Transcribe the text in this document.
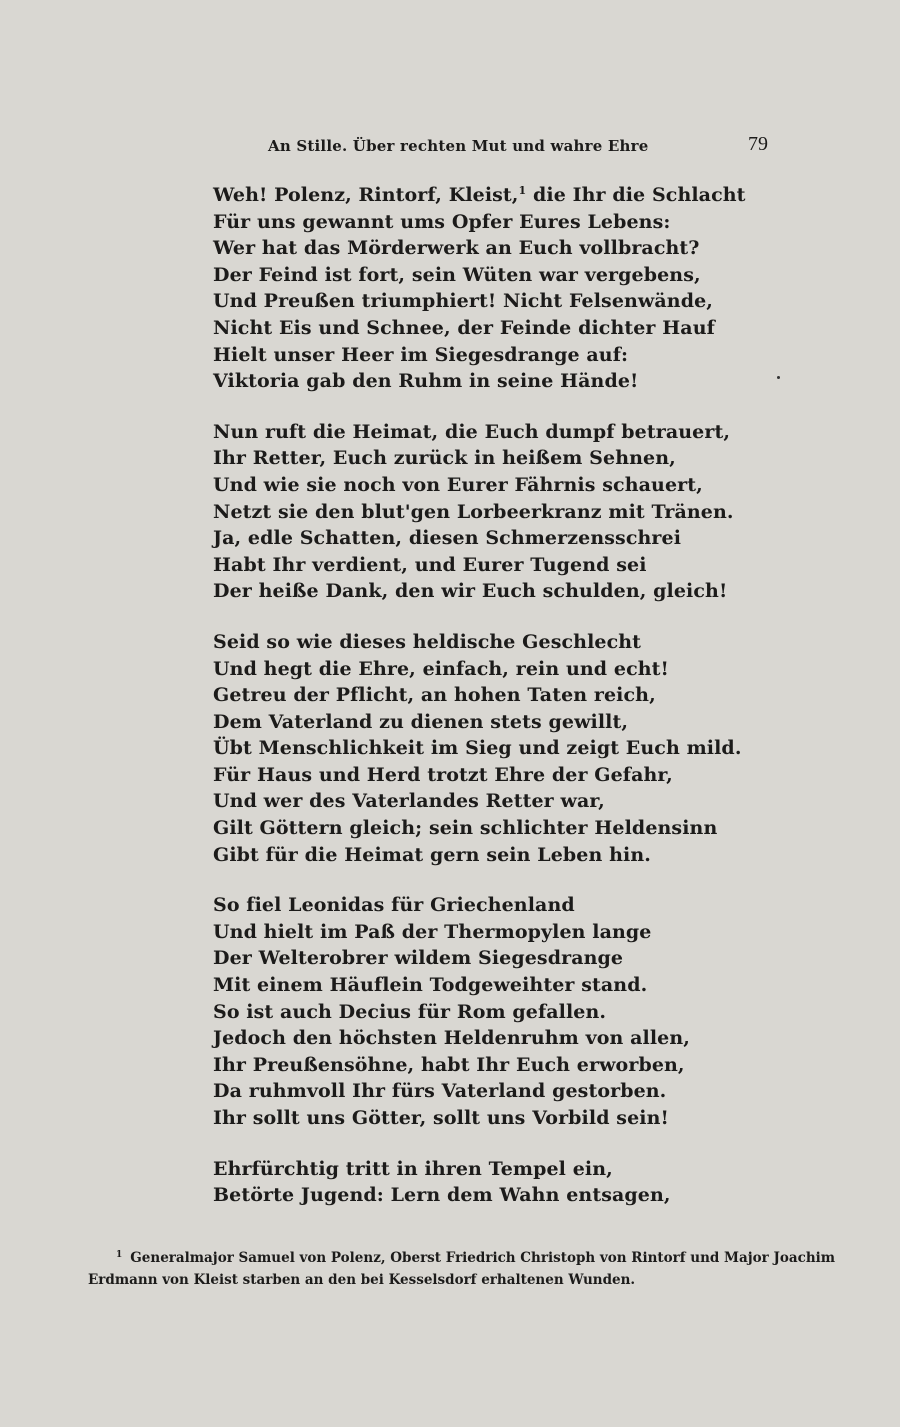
An Stille. Über rechten Mut und wahre Ehre	79
Weh! Polenz, Rintorf, Kleist,$^1$ die Ihr die Schlacht
Für uns gewannt ums Opfer Eures Lebens:
Wer hat das Mörderwerk an Euch vollbracht?
Der Feind ist fort, sein Wüten war vergebens,
Und Preußen triumphiert! Nicht Felsenwände,
Nicht Eis und Schnee, der Feinde dichter Hauf
Hielt unser Heer im Siegesdrange auf:
Viktoria gab den Ruhm in seine Hände!
Nun ruft die Heimat, die Euch dumpf betrauert,
Ihr Retter, Euch zurück in heißem Sehnen,
Und wie sie noch von Eurer Fährnis schauert,
Netzt sie den blut'gen Lorbeerkranz mit Tränen.
Ja, edle Schatten, diesen Schmerzensschrei
Habt Ihr verdient, und Eurer Tugend sei
Der heiße Dank, den wir Euch schulden, gleich!
Seid so wie dieses heldische Geschlecht
Und hegt die Ehre, einfach, rein und echt!
Getreu der Pflicht, an hohen Taten reich,
Dem Vaterland zu dienen stets gewillt,
Übt Menschlichkeit im Sieg und zeigt Euch mild.
Für Haus und Herd trotzt Ehre der Gefahr,
Und wer des Vaterlandes Retter war,
Gilt Göttern gleich; sein schlichter Heldensinn
Gibt für die Heimat gern sein Leben hin.
So fiel Leonidas für Griechenland
Und hielt im Paß der Thermopylen lange
Der Welterobrer wildem Siegesdrange
Mit einem Häuflein Todgeweihter stand.
So ist auch Decius für Rom gefallen.
Jedoch den höchsten Heldenruhm von allen,
Ihr Preußensöhne, habt Ihr Euch erworben,
Da ruhmvoll Ihr fürs Vaterland gestorben.
Ihr sollt uns Götter, sollt uns Vorbild sein!
Ehrfürchtig tritt in ihren Tempel ein,
Betörte Jugend: Lern dem Wahn entsagen,
$^1$ Generalmajor Samuel von Polenz, Oberst Friedrich Christoph von Rintorf und Major Joachim
Erdmann von Kleist starben an den bei Kesselsdorf erhaltenen Wunden.
